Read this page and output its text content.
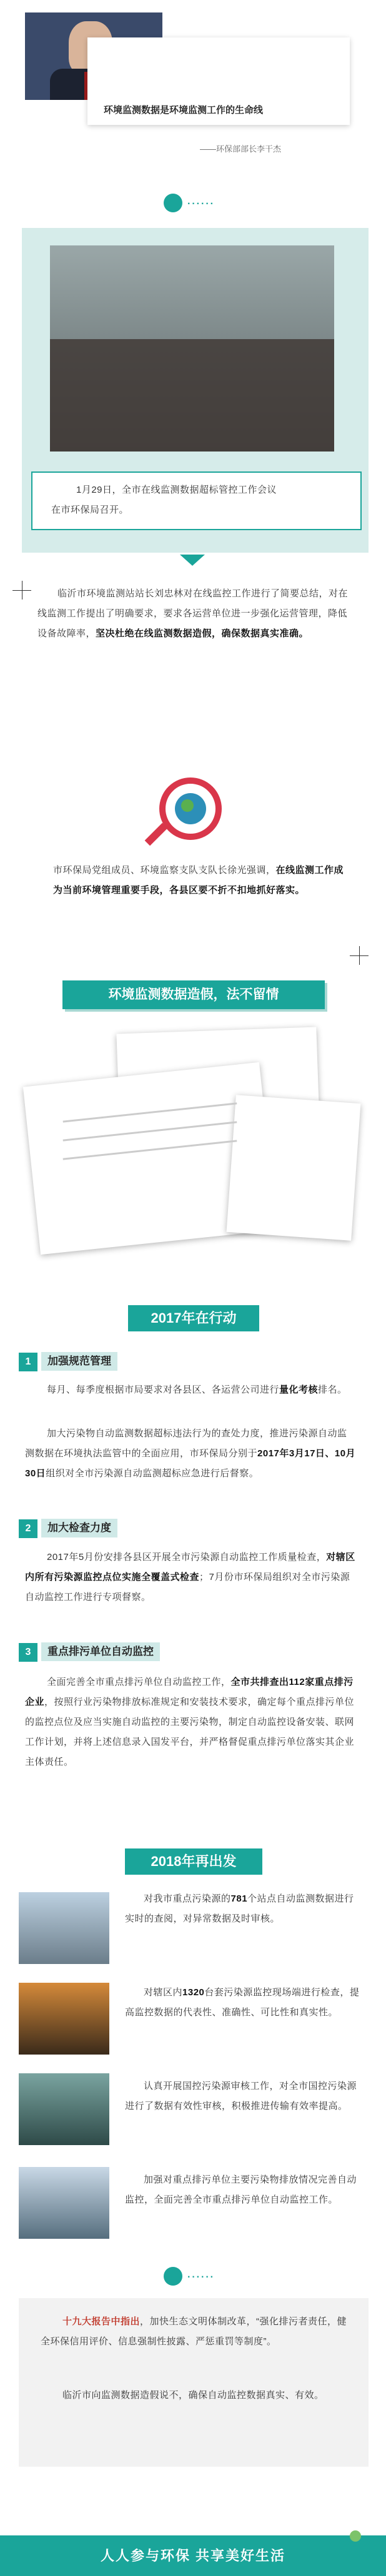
环境监测数据是环境监测工作的生命线
——环保部部长李干杰
······
1月29日，全市在线监测数据超标管控工作会议
在市环保局召开。
临沂市环境监测站站长刘忠林对在线监控工作进行了简要总结，对在线监测工作提出了明确要求，要求各运营单位进一步强化运营管理，降低设备故障率，坚决杜绝在线监测数据造假，确保数据真实准确。
市环保局党组成员、环境监察支队支队长徐光强调，在线监测工作成为当前环境管理重要手段，各县区要不折不扣地抓好落实。
环境监测数据造假，法不留情
2017年在行动
1 加强规范管理
每月、每季度根据市局要求对各县区、各运营公司进行量化考核排名。
加大污染物自动监测数据超标违法行为的查处力度，推进污染源自动监测数据在环境执法监管中的全面应用，市环保局分别于2017年3月17日、10月30日组织对全市污染源自动监测超标应急进行后督察。
2 加大检查力度
2017年5月份安排各县区开展全市污染源自动监控工作质量检查，对辖区内所有污染源监控点位实施全覆盖式检查；7月份市环保局组织对全市污染源自动监控工作进行专项督察。
3 重点排污单位自动监控
全面完善全市重点排污单位自动监控工作，全市共排查出112家重点排污企业，按照行业污染物排放标准规定和安装技术要求，确定每个重点排污单位的监控点位及应当实施自动监控的主要污染物，制定自动监控设备安装、联网工作计划，并将上述信息录入国发平台，并严格督促重点排污单位落实其企业主体责任。
2018年再出发
对我市重点污染源的781个站点自动监测数据进行实时的查阅，对异常数据及时审核。
对辖区内1320台套污染源监控现场端进行检查，提高监控数据的代表性、准确性、可比性和真实性。
认真开展国控污染源审核工作，对全市国控污染源进行了数据有效性审核，积极推进传输有效率提高。
加强对重点排污单位主要污染物排放情况完善自动监控，全面完善全市重点排污单位自动监控工作。
······
十九大报告中指出，加快生态文明体制改革，“强化排污者责任，健全环保信用评价、信息强制性披露、严惩重罚等制度”。
临沂市向监测数据造假说不，确保自动监控数据真实、有效。
人人参与环保 共享美好生活
